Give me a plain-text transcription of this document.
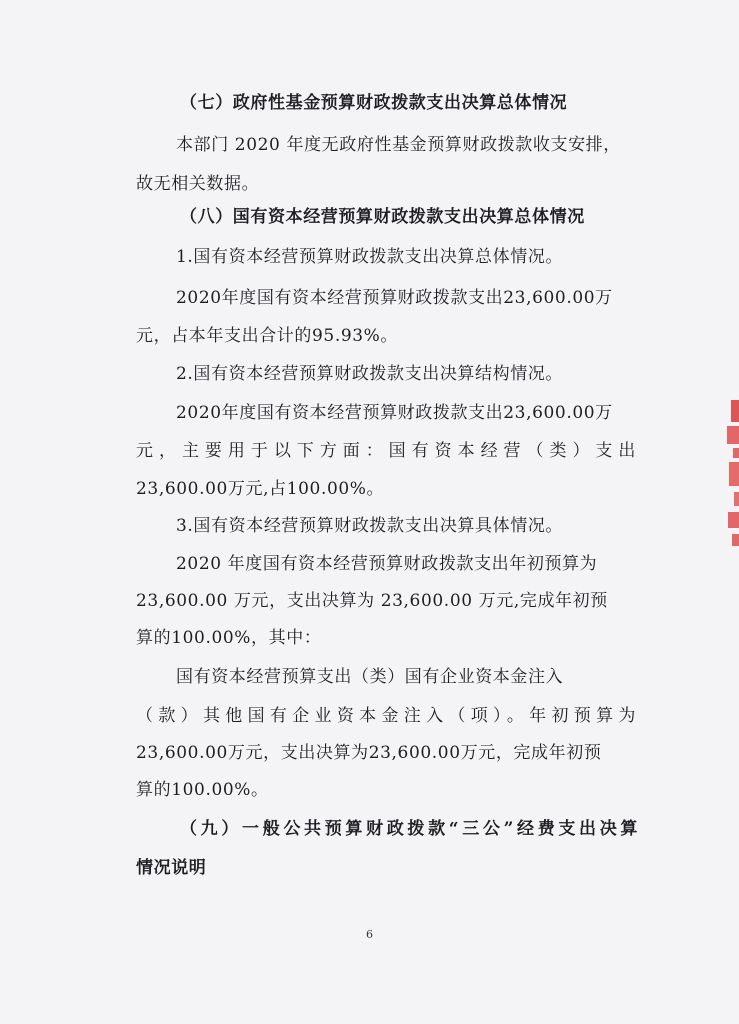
（七）政府性基金预算财政拨款支出决算总体情况
本部门 2020 年度无政府性基金预算财政拨款收支安排，
故无相关数据。
（八）国有资本经营预算财政拨款支出决算总体情况
1.国有资本经营预算财政拨款支出决算总体情况。
2020年度国有资本经营预算财政拨款支出23,600.00万
元，占本年支出合计的95.93%。
2.国有资本经营预算财政拨款支出决算结构情况。
2020年度国有资本经营预算财政拨款支出23,600.00万
元，主要用于以下方面：国有资本经营（类）支出
23,600.00万元,占100.00%。
3.国有资本经营预算财政拨款支出决算具体情况。
2020 年度国有资本经营预算财政拨款支出年初预算为
23,600.00 万元，支出决算为 23,600.00 万元,完成年初预
算的100.00%，其中：
国有资本经营预算支出（类）国有企业资本金注入
（款）其他国有企业资本金注入（项）。年初预算为
23,600.00万元，支出决算为23,600.00万元，完成年初预
算的100.00%。
（九）一般公共预算财政拨款“三公”经费支出决算
情况说明
6
